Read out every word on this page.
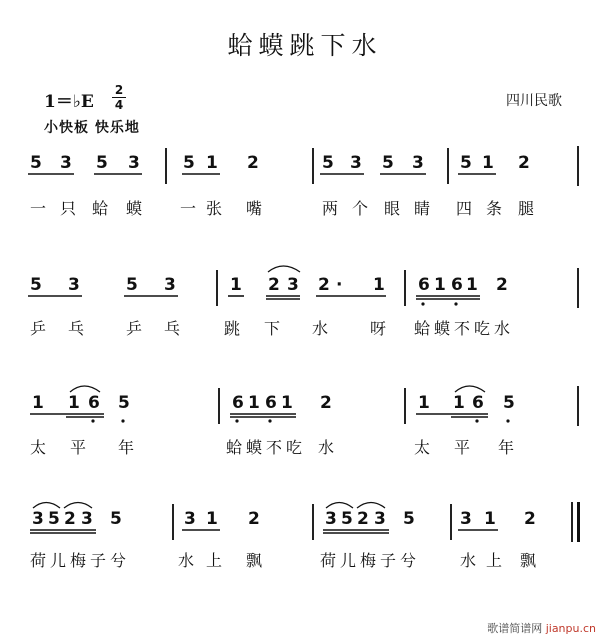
蛤蟆跳下水
1＝♭E
2
4
小快板 快乐地
四川民歌
5 3 5 3	5 1 2	5 3 5 3 5 1 2
一 只 蛤 蟆 一 张 嘴	两 个 眼 睛 四 条 腿
5 3	5 3	1 2 3 2 · 1 6 1 6 1 2
乒 乓	乒 乓	跳 下 水	呀 蛤蟆不吃水
1 1 6 5	6 1 6 1 2	1 1 6 5
太 平 年	蛤蟆不吃 水	太 平 年
3 5 2 3 5	3 1 2	3 5 2 3 5	3 1 2
荷儿梅子兮	水 上 飘	荷儿梅子兮 水 上 飘
歌谱简谱网 jianpu.cn
